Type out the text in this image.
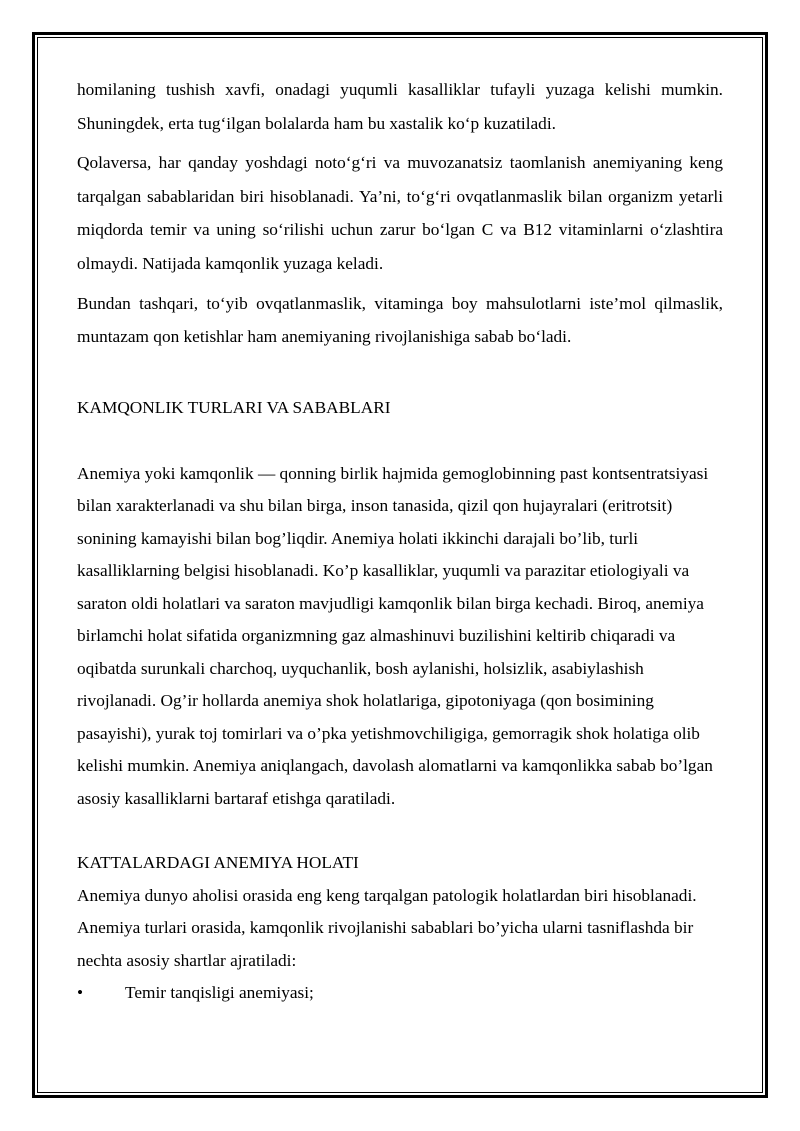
homilaning tushish xavfi, onadagi yuqumli kasalliklar tufayli yuzaga kelishi mumkin. Shuningdek, erta tug‘ilgan bolalarda ham bu xastalik ko‘p kuzatiladi.

Qolaversa, har qanday yoshdagi noto‘g‘ri va muvozanatsiz taomlanish anemiyaning keng tarqalgan sabablaridan biri hisoblanadi. Ya’ni, to‘g‘ri ovqatlanmaslik bilan organizm yetarli miqdorda temir va uning so‘rilishi uchun zarur bo‘lgan C va B12 vitaminlarni o‘zlashtira olmaydi. Natijada kamqonlik yuzaga keladi.

Bundan tashqari, to‘yib ovqatlanmaslik, vitaminga boy mahsulotlarni iste’mol qilmaslik, muntazam qon ketishlar ham anemiyaning rivojlanishiga sabab bo‘ladi.

KAMQONLIK TURLARI VA SABABLARI

Anemiya yoki kamqonlik — qonning birlik hajmida gemoglobinning past kontsentratsiyasi bilan xarakterlanadi va shu bilan birga, inson tanasida, qizil qon hujayralari (eritrotsit) sonining kamayishi bilan bog’liqdir. Anemiya holati ikkinchi darajali bo’lib, turli kasalliklarning belgisi hisoblanadi. Ko’p kasalliklar, yuqumli va parazitar etiologiyali va saraton oldi holatlari va saraton mavjudligi kamqonlik bilan birga kechadi. Biroq, anemiya birlamchi holat sifatida organizmning gaz almashinuvi buzilishini keltirib chiqaradi va oqibatda surunkali charchoq, uyquchanlik, bosh aylanishi, holsizlik, asabiylashish rivojlanadi. Og’ir hollarda anemiya shok holatlariga, gipotoniyaga (qon bosimining pasayishi), yurak toj tomirlari va o’pka yetishmovchiligiga, gemorragik shok holatiga olib kelishi mumkin. Anemiya aniqlangach, davolash alomatlarni va kamqonlikka sabab bo’lgan asosiy kasalliklarni bartaraf etishga qaratiladi.

KATTALARDAGI ANEMIYA HOLATI

Anemiya dunyo aholisi orasida eng keng tarqalgan patologik holatlardan biri hisoblanadi. Anemiya turlari orasida, kamqonlik rivojlanishi sabablari bo’yicha ularni tasniflashda bir nechta asosiy shartlar ajratiladi:

•	Temir tanqisligi anemiyasi;
